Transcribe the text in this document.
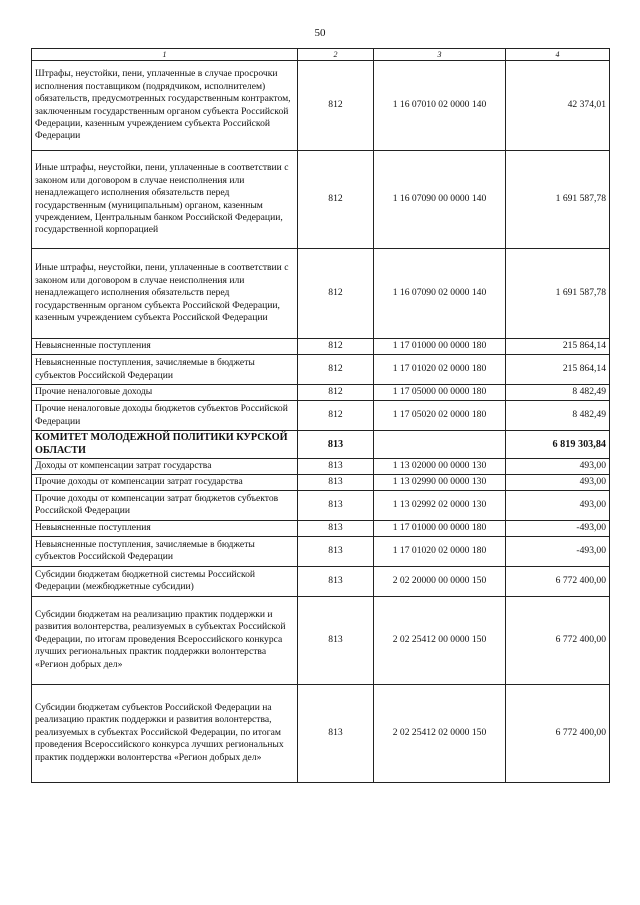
50
1	2	3	4
Штрафы, неустойки, пени, уплаченные в случае просрочки исполнения поставщиком (подрядчиком, исполнителем) обязательств, предусмотренных государственным контрактом, заключенным государственным органом субъекта Российской Федерации, казенным учреждением субъекта Российской Федерации	812	1 16 07010 02 0000 140	42 374,01
Иные штрафы, неустойки, пени, уплаченные в соответствии с законом или договором в случае неисполнения или ненадлежащего исполнения обязательств перед государственным (муниципальным) органом, казенным учреждением, Центральным банком Российской Федерации, государственной корпорацией	812	1 16 07090 00 0000 140	1 691 587,78
Иные штрафы, неустойки, пени, уплаченные в соответствии с законом или договором в случае неисполнения или ненадлежащего исполнения обязательств перед государственным органом субъекта Российской Федерации, казенным учреждением субъекта Российской Федерации	812	1 16 07090 02 0000 140	1 691 587,78
Невыясненные поступления	812	1 17 01000 00 0000 180	215 864,14
Невыясненные поступления, зачисляемые в бюджеты субъектов Российской Федерации	812	1 17 01020 02 0000 180	215 864,14
Прочие неналоговые доходы	812	1 17 05000 00 0000 180	8 482,49
Прочие неналоговые доходы бюджетов субъектов Российской Федерации	812	1 17 05020 02 0000 180	8 482,49
КОМИТЕТ МОЛОДЕЖНОЙ ПОЛИТИКИ КУРСКОЙ ОБЛАСТИ	813		6 819 303,84
Доходы от компенсации затрат государства	813	1 13 02000 00 0000 130	493,00
Прочие доходы от компенсации затрат государства	813	1 13 02990 00 0000 130	493,00
Прочие доходы от компенсации затрат бюджетов субъектов Российской Федерации	813	1 13 02992 02 0000 130	493,00
Невыясненные поступления	813	1 17 01000 00 0000 180	-493,00
Невыясненные поступления, зачисляемые в бюджеты субъектов Российской Федерации	813	1 17 01020 02 0000 180	-493,00
Субсидии бюджетам бюджетной системы Российской Федерации (межбюджетные субсидии)	813	2 02 20000 00 0000 150	6 772 400,00
Субсидии бюджетам на реализацию практик поддержки и развития волонтерства, реализуемых в субъектах Российской Федерации, по итогам проведения Всероссийского конкурса лучших региональных практик поддержки волонтерства «Регион добрых дел»	813	2 02 25412 00 0000 150	6 772 400,00
Субсидии бюджетам субъектов Российской Федерации на реализацию практик поддержки и развития волонтерства, реализуемых в субъектах Российской Федерации, по итогам проведения Всероссийского конкурса лучших региональных практик поддержки волонтерства «Регион добрых дел»	813	2 02 25412 02 0000 150	6 772 400,00
